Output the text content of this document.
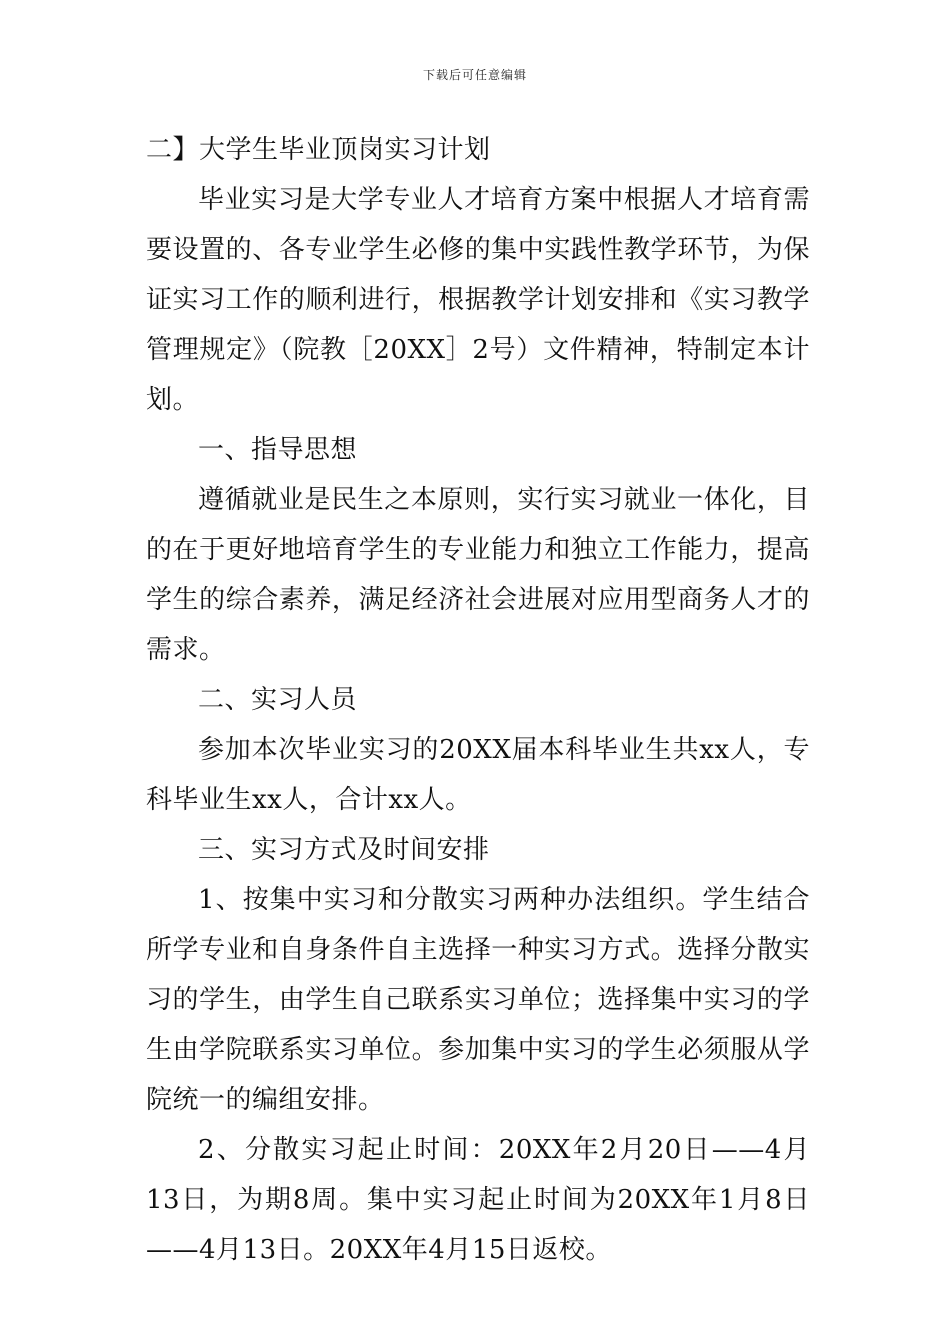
下载后可任意编辑

二】大学生毕业顶岗实习计划

毕业实习是大学专业人才培育方案中根据人才培育需要设置的、各专业学生必修的集中实践性教学环节，为保证实习工作的顺利进行，根据教学计划安排和《实习教学管理规定》（院教［20XX］2号）文件精神，特制定本计划。

一、指导思想

遵循就业是民生之本原则，实行实习就业一体化，目的在于更好地培育学生的专业能力和独立工作能力，提高学生的综合素养，满足经济社会进展对应用型商务人才的需求。

二、实习人员

参加本次毕业实习的20XX届本科毕业生共xx人，专科毕业生xx人，合计xx人。

三、实习方式及时间安排

1、按集中实习和分散实习两种办法组织。学生结合所学专业和自身条件自主选择一种实习方式。选择分散实习的学生，由学生自己联系实习单位；选择集中实习的学生由学院联系实习单位。参加集中实习的学生必须服从学院统一的编组安排。

2、分散实习起止时间：20XX年2月20日——4月13日，为期8周。集中实习起止时间为20XX年1月8日——4月13日。20XX年4月15日返校。
